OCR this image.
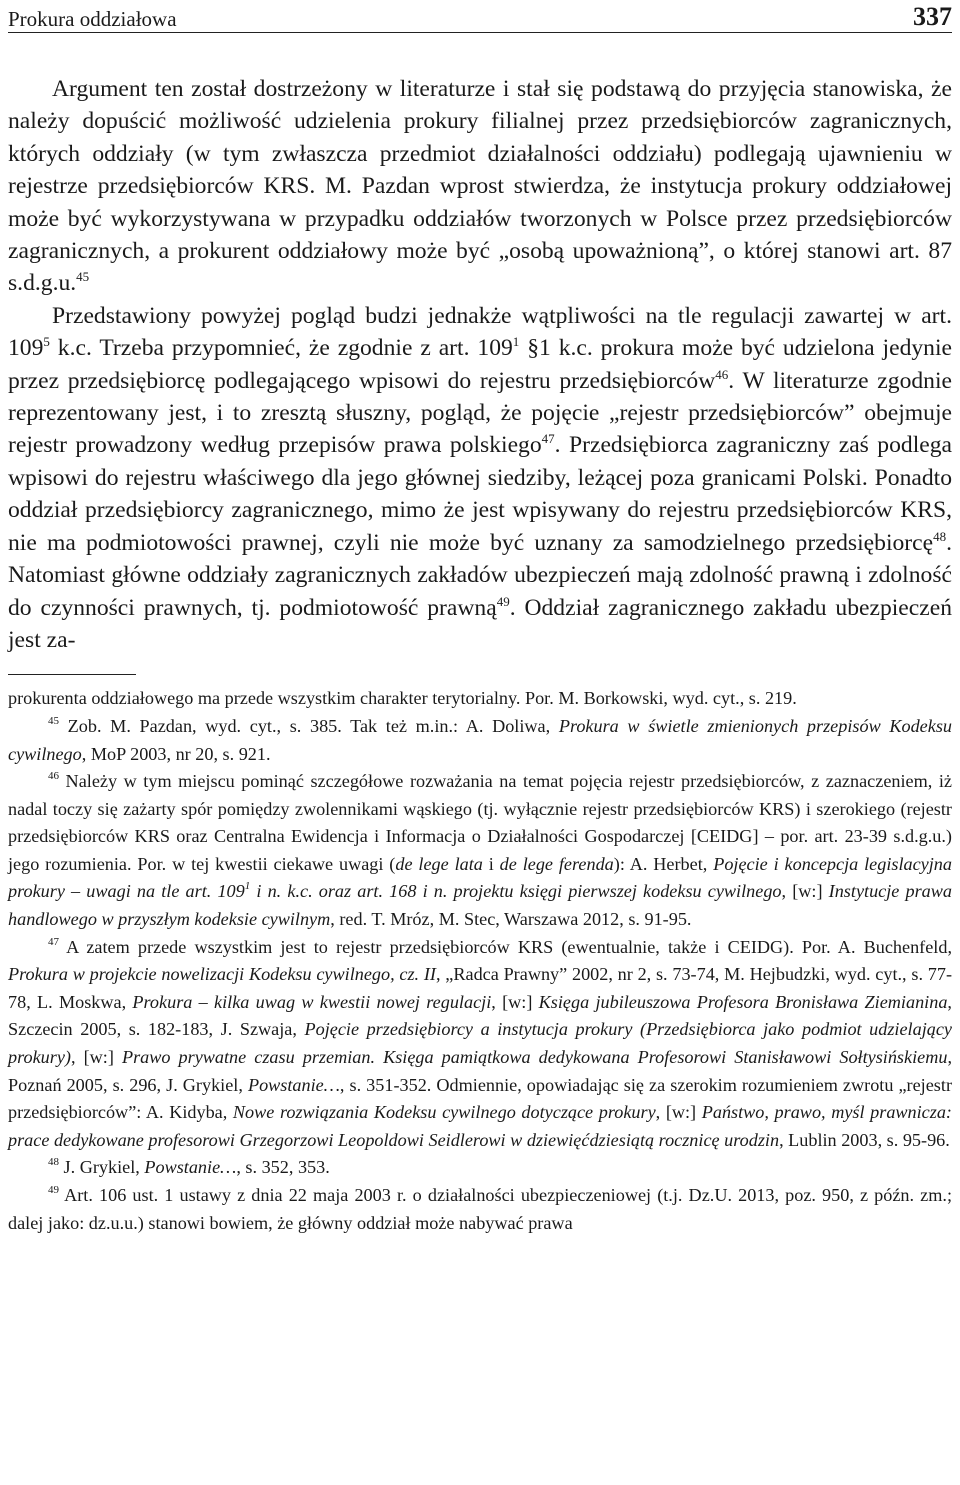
Prokura oddziałowa	337

Argument ten został dostrzeżony w literaturze i stał się podstawą do przyjęcia stanowiska, że należy dopuścić możliwość udzielenia prokury filialnej przez przedsiębiorców zagranicznych, których oddziały (w tym zwłaszcza przedmiot działalności oddziału) podlegają ujawnieniu w rejestrze przedsiębiorców KRS. M. Pazdan wprost stwierdza, że instytucja prokury oddziałowej może być wykorzystywana w przypadku oddziałów tworzonych w Polsce przez przedsiębiorców zagranicznych, a prokurent oddziałowy może być „osobą upoważnioną”, o której stanowi art. 87 s.d.g.u.$^{45}$

Przedstawiony powyżej pogląd budzi jednakże wątpliwości na tle regulacji zawartej w art. $109^5$ k.c. Trzeba przypomnieć, że zgodnie z art. $109^1$ §1 k.c. prokura może być udzielona jedynie przez przedsiębiorcę podlegającego wpisowi do rejestru przedsiębiorców$^{46}$. W literaturze zgodnie reprezentowany jest, i to zresztą słuszny, pogląd, że pojęcie „rejestr przedsiębiorców” obejmuje rejestr prowadzony według przepisów prawa polskiego$^{47}$. Przedsiębiorca zagraniczny zaś podlega wpisowi do rejestru właściwego dla jego głównej siedziby, leżącej poza granicami Polski. Ponadto oddział przedsiębiorcy zagranicznego, mimo że jest wpisywany do rejestru przedsiębiorców KRS, nie ma podmiotowości prawnej, czyli nie może być uznany za samodzielnego przedsiębiorcę$^{48}$. Natomiast główne oddziały zagranicznych zakładów ubezpieczeń mają zdolność prawną i zdolność do czynności prawnych, tj. podmiotowość prawną$^{49}$. Oddział zagranicznego zakładu ubezpieczeń jest za-

prokurenta oddziałowego ma przede wszystkim charakter terytorialny. Por. M. Borkowski, wyd. cyt., s. 219.

$^{45}$ Zob. M. Pazdan, wyd. cyt., s. 385. Tak też m.in.: A. Doliwa, Prokura w świetle zmienionych przepisów Kodeksu cywilnego, MoP 2003, nr 20, s. 921.

$^{46}$ Należy w tym miejscu pominąć szczegółowe rozważania na temat pojęcia rejestr przedsiębiorców, z zaznaczeniem, iż nadal toczy się zażarty spór pomiędzy zwolennikami wąskiego (tj. wyłącznie rejestr przedsiębiorców KRS) i szerokiego (rejestr przedsiębiorców KRS oraz Centralna Ewidencja i Informacja o Działalności Gospodarczej [CEIDG] – por. art. 23-39 s.d.g.u.) jego rozumienia. Por. w tej kwestii ciekawe uwagi (de lege lata i de lege ferenda): A. Herbet, Pojęcie i koncepcja legislacyjna prokury – uwagi na tle art. $109^1$ i n. k.c. oraz art. 168 i n. projektu księgi pierwszej kodeksu cywilnego, [w:] Instytucje prawa handlowego w przyszłym kodeksie cywilnym, red. T. Mróz, M. Stec, Warszawa 2012, s. 91-95.

$^{47}$ A zatem przede wszystkim jest to rejestr przedsiębiorców KRS (ewentualnie, także i CEIDG). Por. A. Buchenfeld, Prokura w projekcie nowelizacji Kodeksu cywilnego, cz. II, „Radca Prawny” 2002, nr 2, s. 73-74, M. Hejbudzki, wyd. cyt., s. 77-78, L. Moskwa, Prokura – kilka uwag w kwestii nowej regulacji, [w:] Księga jubileuszowa Profesora Bronisława Ziemianina, Szczecin 2005, s. 182-183, J. Szwaja, Pojęcie przedsiębiorcy a instytucja prokury (Przedsiębiorca jako podmiot udzielający prokury), [w:] Prawo prywatne czasu przemian. Księga pamiątkowa dedykowana Profesorowi Stanisławowi Sołtysińskiemu, Poznań 2005, s. 296, J. Grykiel, Powstanie…, s. 351-352. Odmiennie, opowiadając się za szerokim rozumieniem zwrotu „rejestr przedsiębiorców”: A. Kidyba, Nowe rozwiązania Kodeksu cywilnego dotyczące prokury, [w:] Państwo, prawo, myśl prawnicza: prace dedykowane profesorowi Grzegorzowi Leopoldowi Seidlerowi w dziewięćdziesiątą rocznicę urodzin, Lublin 2003, s. 95-96.

$^{48}$ J. Grykiel, Powstanie…, s. 352, 353.

$^{49}$ Art. 106 ust. 1 ustawy z dnia 22 maja 2003 r. o działalności ubezpieczeniowej (t.j. Dz.U. 2013, poz. 950, z późn. zm.; dalej jako: dz.u.u.) stanowi bowiem, że główny oddział może nabywać prawa
